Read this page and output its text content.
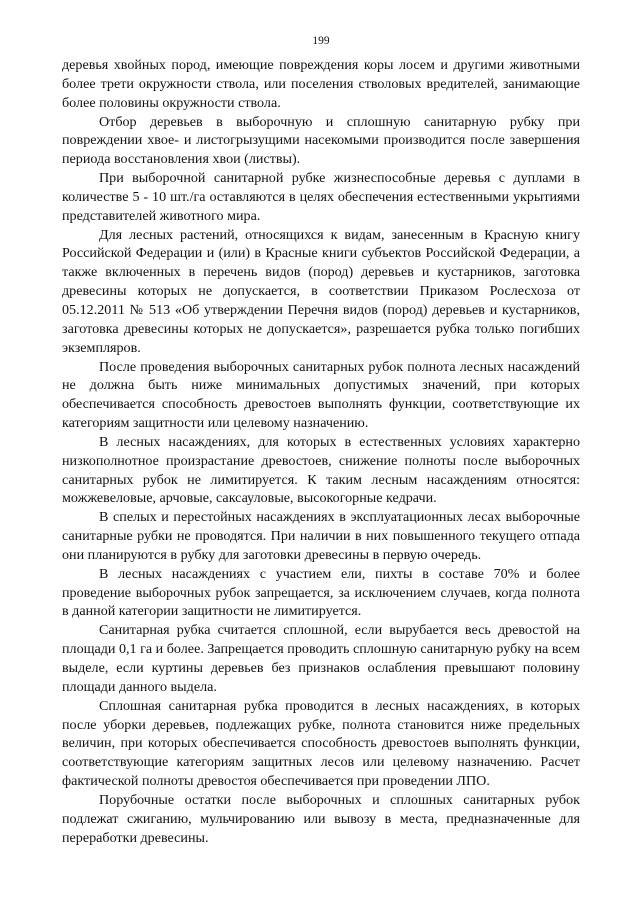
199

деревья хвойных пород, имеющие повреждения коры лосем и другими животными более трети окружности ствола, или поселения стволовых вредителей, занимающие более половины окружности ствола.

Отбор деревьев в выборочную и сплошную санитарную рубку при повреждении хвое- и листогрызущими насекомыми производится после завершения периода восстановления хвои (листвы).

При выборочной санитарной рубке жизнеспособные деревья с дуплами в количестве 5 - 10 шт./га оставляются в целях обеспечения естественными укрытиями представителей животного мира.

Для лесных растений, относящихся к видам, занесенным в Красную книгу Российской Федерации и (или) в Красные книги субъектов Российской Федерации, а также включенных в перечень видов (пород) деревьев и кустарников, заготовка древесины которых не допускается, в соответствии Приказом Рослесхоза от 05.12.2011 № 513 «Об утверждении Перечня видов (пород) деревьев и кустарников, заготовка древесины которых не допускается», разрешается рубка только погибших экземпляров.

После проведения выборочных санитарных рубок полнота лесных насаждений не должна быть ниже минимальных допустимых значений, при которых обеспечивается способность древостоев выполнять функции, соответствующие их категориям защитности или целевому назначению.

В лесных насаждениях, для которых в естественных условиях характерно низкополнотное произрастание древостоев, снижение полноты после выборочных санитарных рубок не лимитируется. К таким лесным насаждениям относятся: можжевеловые, арчовые, саксауловые, высокогорные кедрачи.

В спелых и перестойных насаждениях в эксплуатационных лесах выборочные санитарные рубки не проводятся. При наличии в них повышенного текущего отпада они планируются в рубку для заготовки древесины в первую очередь.

В лесных насаждениях с участием ели, пихты в составе 70% и более проведение выборочных рубок запрещается, за исключением случаев, когда полнота в данной категории защитности не лимитируется.

Санитарная рубка считается сплошной, если вырубается весь древостой на площади 0,1 га и более. Запрещается проводить сплошную санитарную рубку на всем выделе, если куртины деревьев без признаков ослабления превышают половину площади данного выдела.

Сплошная санитарная рубка проводится в лесных насаждениях, в которых после уборки деревьев, подлежащих рубке, полнота становится ниже предельных величин, при которых обеспечивается способность древостоев выполнять функции, соответствующие категориям защитных лесов или целевому назначению. Расчет фактической полноты древостоя обеспечивается при проведении ЛПО.

Порубочные остатки после выборочных и сплошных санитарных рубок подлежат сжиганию, мульчированию или вывозу в места, предназначенные для переработки древесины.
